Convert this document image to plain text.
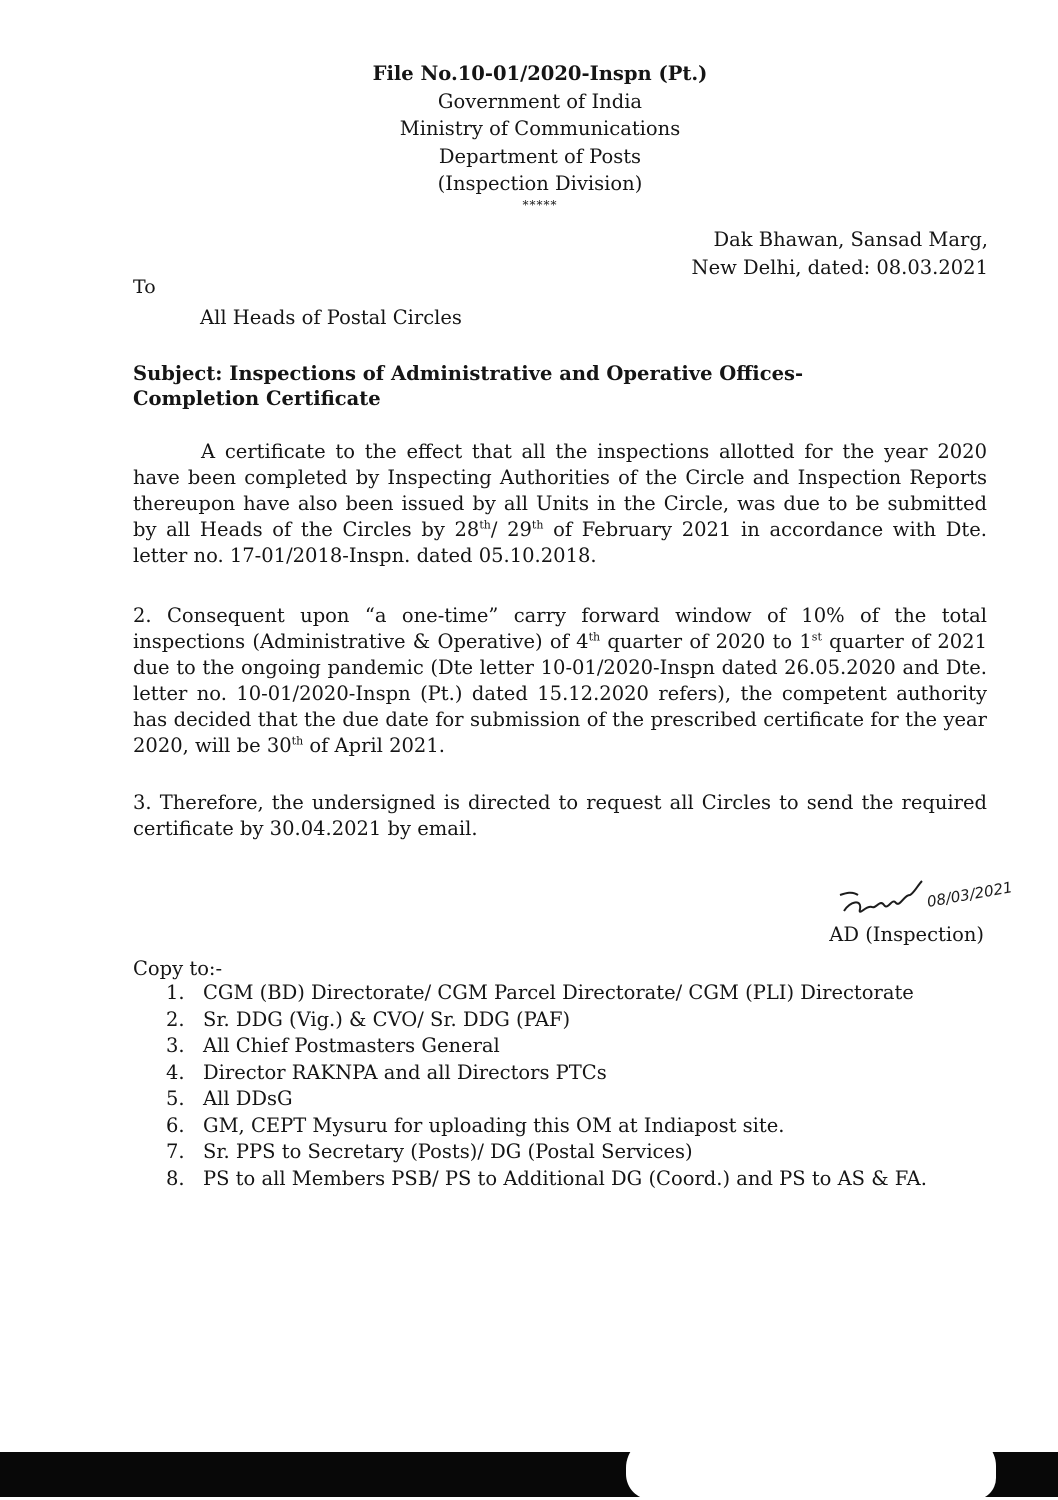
File No.10-01/2020-Inspn (Pt.)
Government of India
Ministry of Communications
Department of Posts
(Inspection Division)
*****
Dak Bhawan, Sansad Marg,
New Delhi, dated: 08.03.2021
To
All Heads of Postal Circles
Subject: Inspections of Administrative and Operative Offices- Completion Certificate
A certificate to the effect that all the inspections allotted for the year 2020 have been completed by Inspecting Authorities of the Circle and Inspection Reports thereupon have also been issued by all Units in the Circle, was due to be submitted by all Heads of the Circles by 28th/ 29th of February 2021 in accordance with Dte. letter no. 17-01/2018-Inspn. dated 05.10.2018.
2. Consequent upon “a one-time” carry forward window of 10% of the total inspections (Administrative & Operative) of 4th quarter of 2020 to 1st quarter of 2021 due to the ongoing pandemic (Dte letter 10-01/2020-Inspn dated 26.05.2020 and Dte. letter no. 10-01/2020-Inspn (Pt.) dated 15.12.2020 refers), the competent authority has decided that the due date for submission of the prescribed certificate for the year 2020, will be 30th of April 2021.
3. Therefore, the undersigned is directed to request all Circles to send the required certificate by 30.04.2021 by email.
08/03/2021
AD (Inspection)
Copy to:-
1. CGM (BD) Directorate/ CGM Parcel Directorate/ CGM (PLI) Directorate
2. Sr. DDG (Vig.) & CVO/ Sr. DDG (PAF)
3. All Chief Postmasters General
4. Director RAKNPA and all Directors PTCs
5. All DDsG
6. GM, CEPT Mysuru for uploading this OM at Indiapost site.
7. Sr. PPS to Secretary (Posts)/ DG (Postal Services)
8. PS to all Members PSB/ PS to Additional DG (Coord.) and PS to AS & FA.
